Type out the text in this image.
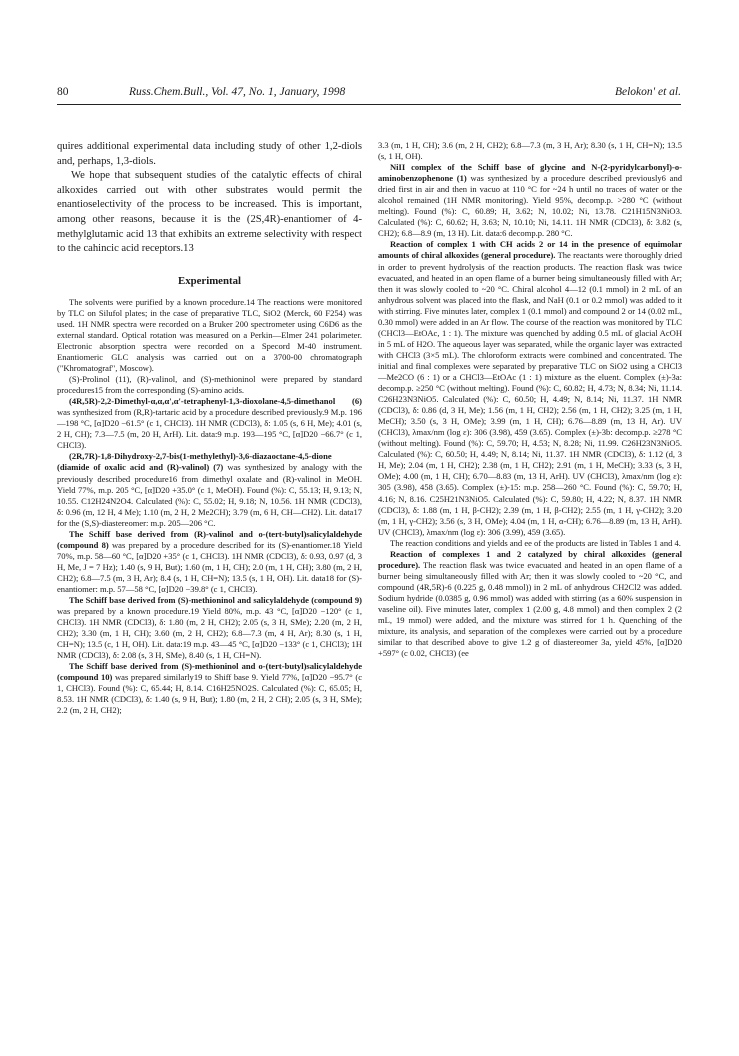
80	Russ.Chem.Bull., Vol. 47, No. 1, January, 1998	Belokon' et al.

quires additional experimental data including study of other 1,2-diols and, perhaps, 1,3-diols.

We hope that subsequent studies of the catalytic effects of chiral alkoxides carried out with other substrates would permit the enantioselectivity of the process to be increased. This is important, among other reasons, because it is the (2S,4R)-enantiomer of 4-methylglutamic acid 13 that exhibits an extreme selectivity with respect to the cahincic acid receptors.13

Experimental

The solvents were purified by a known procedure.14 The reactions were monitored by TLC on Silufol plates; in the case of preparative TLC, SiO2 (Merck, 60 F254) was used. 1H NMR spectra were recorded on a Bruker 200 spectrometer using C6D6 as the external standard. Optical rotation was measured on a Perkin—Elmer 241 polarimeter. Electronic absorption spectra were recorded on a Specord M-40 instrument. Enantiomeric GLC analysis was carried out on a 3700-00 chromatograph ("Khromatograf", Moscow).

(S)-Prolinol (11), (R)-valinol, and (S)-methioninol were prepared by standard procedures15 from the corresponding (S)-amino acids.

(4R,5R)-2,2-Dimethyl-α,α,α',α'-tetraphenyl-1,3-dioxolane-4,5-dimethanol (6) was synthesized from (R,R)-tartaric acid by a procedure described previously.9 M.p. 196—198 °C, [α]D20 −61.5° (c 1, CHCl3). 1H NMR (CDCl3), δ: 1.05 (s, 6 H, Me); 4.01 (s, 2 H, CH); 7.3—7.5 (m, 20 H, ArH). Lit. data:9 m.p. 193—195 °C, [α]D20 −66.7° (c 1, CHCl3).

(2R,7R)-1,8-Dihydroxy-2,7-bis(1-methylethyl)-3,6-diazaoctane-4,5-dione (diamide of oxalic acid and (R)-valinol) (7) was synthesized by analogy with the previously described procedure16 from dimethyl oxalate and (R)-valinol in MeOH. Yield 77%, m.p. 205 °C, [α]D20 +35.0° (c 1, MeOH). Found (%): C, 55.13; H, 9.13; N, 10.55. C12H24N2O4. Calculated (%): C, 55.02; H, 9.18; N, 10.56. 1H NMR (CDCl3), δ: 0.96 (m, 12 H, 4 Me); 1.10 (m, 2 H, 2 Me2CH); 3.79 (m, 6 H, CH—CH2). Lit. data17 for the (S,S)-diastereomer: m.p. 205—206 °C.

The Schiff base derived from (R)-valinol and o-(tert-butyl)salicylaldehyde (compound 8) was prepared by a procedure described for its (S)-enantiomer.18 Yield 70%, m.p. 58—60 °C, [α]D20 +35° (c 1, CHCl3). 1H NMR (CDCl3), δ: 0.93, 0.97 (d, 3 H, Me, J = 7 Hz); 1.40 (s, 9 H, But); 1.60 (m, 1 H, CH); 2.0 (m, 1 H, CH); 3.80 (m, 2 H, CH2); 6.8—7.5 (m, 3 H, Ar); 8.4 (s, 1 H, CH=N); 13.5 (s, 1 H, OH). Lit. data18 for (S)-enantiomer: m.p. 57—58 °C, [α]D20 −39.8° (c 1, CHCl3).

The Schiff base derived from (S)-methioninol and salicylaldehyde (compound 9) was prepared by a known procedure.19 Yield 80%, m.p. 43 °C, [α]D20 −120° (c 1, CHCl3). 1H NMR (CDCl3), δ: 1.80 (m, 2 H, CH2); 2.05 (s, 3 H, SMe); 2.20 (m, 2 H, CH2); 3.30 (m, 1 H, CH); 3.60 (m, 2 H, CH2); 6.8—7.3 (m, 4 H, Ar); 8.30 (s, 1 H, CH=N); 13.5 (c, 1 H, OH). Lit. data:19 m.p. 43—45 °C, [α]D20 −133° (c 1, CHCl3); 1H NMR (CDCl3), δ: 2.08 (s, 3 H, SMe), 8.40 (s, 1 H, CH=N).

The Schiff base derived from (S)-methioninol and o-(tert-butyl)salicylaldehyde (compound 10) was prepared similarly19 to Shiff base 9. Yield 77%, [α]D20 −95.7° (c 1, CHCl3). Found (%): C, 65.44; H, 8.14. C16H25NO2S. Calculated (%): C, 65.05; H, 8.53. 1H NMR (CDCl3), δ: 1.40 (s, 9 H, But); 1.80 (m, 2 H, 2 CH); 2.05 (s, 3 H, SMe); 2.2 (m, 2 H, CH2);

3.3 (m, 1 H, CH); 3.6 (m, 2 H, CH2); 6.8—7.3 (m, 3 H, Ar); 8.30 (s, 1 H, CH=N); 13.5 (s, 1 H, OH).

NiII complex of the Schiff base of glycine and N-(2-pyridylcarbonyl)-o-aminobenzophenone (1) was synthesized by a procedure described previously6 and dried first in air and then in vacuo at 110 °C for ~24 h until no traces of water or the alcohol remained (1H NMR monitoring). Yield 95%, decomp.p. >280 °C (without melting). Found (%): C, 60.89; H, 3.62; N, 10.02; Ni, 13.78. C21H15N3NiO3. Calculated (%): C, 60.62; H, 3.63; N, 10.10; Ni, 14.11. 1H NMR (CDCl3), δ: 3.82 (s, CH2); 6.8—8.9 (m, 13 H). Lit. data:6 decomp.p. 280 °C.

Reaction of complex 1 with CH acids 2 or 14 in the presence of equimolar amounts of chiral alkoxides (general procedure). The reactants were thoroughly dried in order to prevent hydrolysis of the reaction products. The reaction flask was twice evacuated, and heated in an open flame of a burner being simultaneously filled with Ar; then it was slowly cooled to ~20 °C. Chiral alcohol 4—12 (0.1 mmol) in 2 mL of an anhydrous solvent was placed into the flask, and NaH (0.1 or 0.2 mmol) was added to it with stirring. Five minutes later, complex 1 (0.1 mmol) and compound 2 or 14 (0.02 mL, 0.30 mmol) were added in an Ar flow. The course of the reaction was monitored by TLC (CHCl3—EtOAc, 1 : 1). The mixture was quenched by adding 0.5 mL of glacial AcOH in 5 mL of H2O. The aqueous layer was separated, while the organic layer was extracted with CHCl3 (3×5 mL). The chloroform extracts were combined and concentrated. The initial and final complexes were separated by preparative TLC on SiO2 using a CHCl3—Me2CO (6 : 1) or a CHCl3—EtOAc (1 : 1) mixture as the eluent. Complex (±)-3a: decomp.p. ≥250 °C (without melting). Found (%): C, 60.82; H, 4.73; N, 8.34; Ni, 11.14. C26H23N3NiO5. Calculated (%): C, 60.50; H, 4.49; N, 8.14; Ni, 11.37. 1H NMR (CDCl3), δ: 0.86 (d, 3 H, Me); 1.56 (m, 1 H, CH2); 2.56 (m, 1 H, CH2); 3.25 (m, 1 H, MeCH); 3.50 (s, 3 H, OMe); 3.99 (m, 1 H, CH); 6.76—8.89 (m, 13 H, Ar). UV (CHCl3), λmax/nm (log ε): 306 (3.98), 459 (3.65). Complex (±)-3b: decomp.p. ≥278 °C (without melting). Found (%): C, 59.70; H, 4.53; N, 8.28; Ni, 11.99. C26H23N3NiO5. Calculated (%): C, 60.50; H, 4.49; N, 8.14; Ni, 11.37. 1H NMR (CDCl3), δ: 1.12 (d, 3 H, Me); 2.04 (m, 1 H, CH2); 2.38 (m, 1 H, CH2); 2.91 (m, 1 H, MeCH); 3.33 (s, 3 H, OMe); 4.00 (m, 1 H, CH); 6.70—8.83 (m, 13 H, ArH). UV (CHCl3), λmax/nm (log ε): 305 (3.98), 458 (3.65). Complex (±)-15: m.p. 258—260 °C. Found (%): C, 59.70; H, 4.16; N, 8.16. C25H21N3NiO5. Calculated (%): C, 59.80; H, 4.22; N, 8.37. 1H NMR (CDCl3), δ: 1.88 (m, 1 H, β-CH2); 2.39 (m, 1 H, β-CH2); 2.55 (m, 1 H, γ-CH2); 3.20 (m, 1 H, γ-CH2); 3.56 (s, 3 H, OMe); 4.04 (m, 1 H, α-CH); 6.76—8.89 (m, 13 H, ArH). UV (CHCl3), λmax/nm (log ε): 306 (3.99), 459 (3.65).

The reaction conditions and yields and ee of the products are listed in Tables 1 and 4.

Reaction of complexes 1 and 2 catalyzed by chiral alkoxides (general procedure). The reaction flask was twice evacuated and heated in an open flame of a burner being simultaneously filled with Ar; then it was slowly cooled to ~20 °C, and compound (4R,5R)-6 (0.225 g, 0.48 mmol)) in 2 mL of anhydrous CH2Cl2 was added. Sodium hydride (0.0385 g, 0.96 mmol) was added with stirring (as a 60% suspension in vaseline oil). Five minutes later, complex 1 (2.00 g, 4.8 mmol) and then complex 2 (2 mL, 19 mmol) were added, and the mixture was stirred for 1 h. Quenching of the mixture, its analysis, and separation of the complexes were carried out by a procedure similar to that described above to give 1.2 g of diastereomer 3a, yield 45%, [α]D20 +597° (c 0.02, CHCl3) (ee
